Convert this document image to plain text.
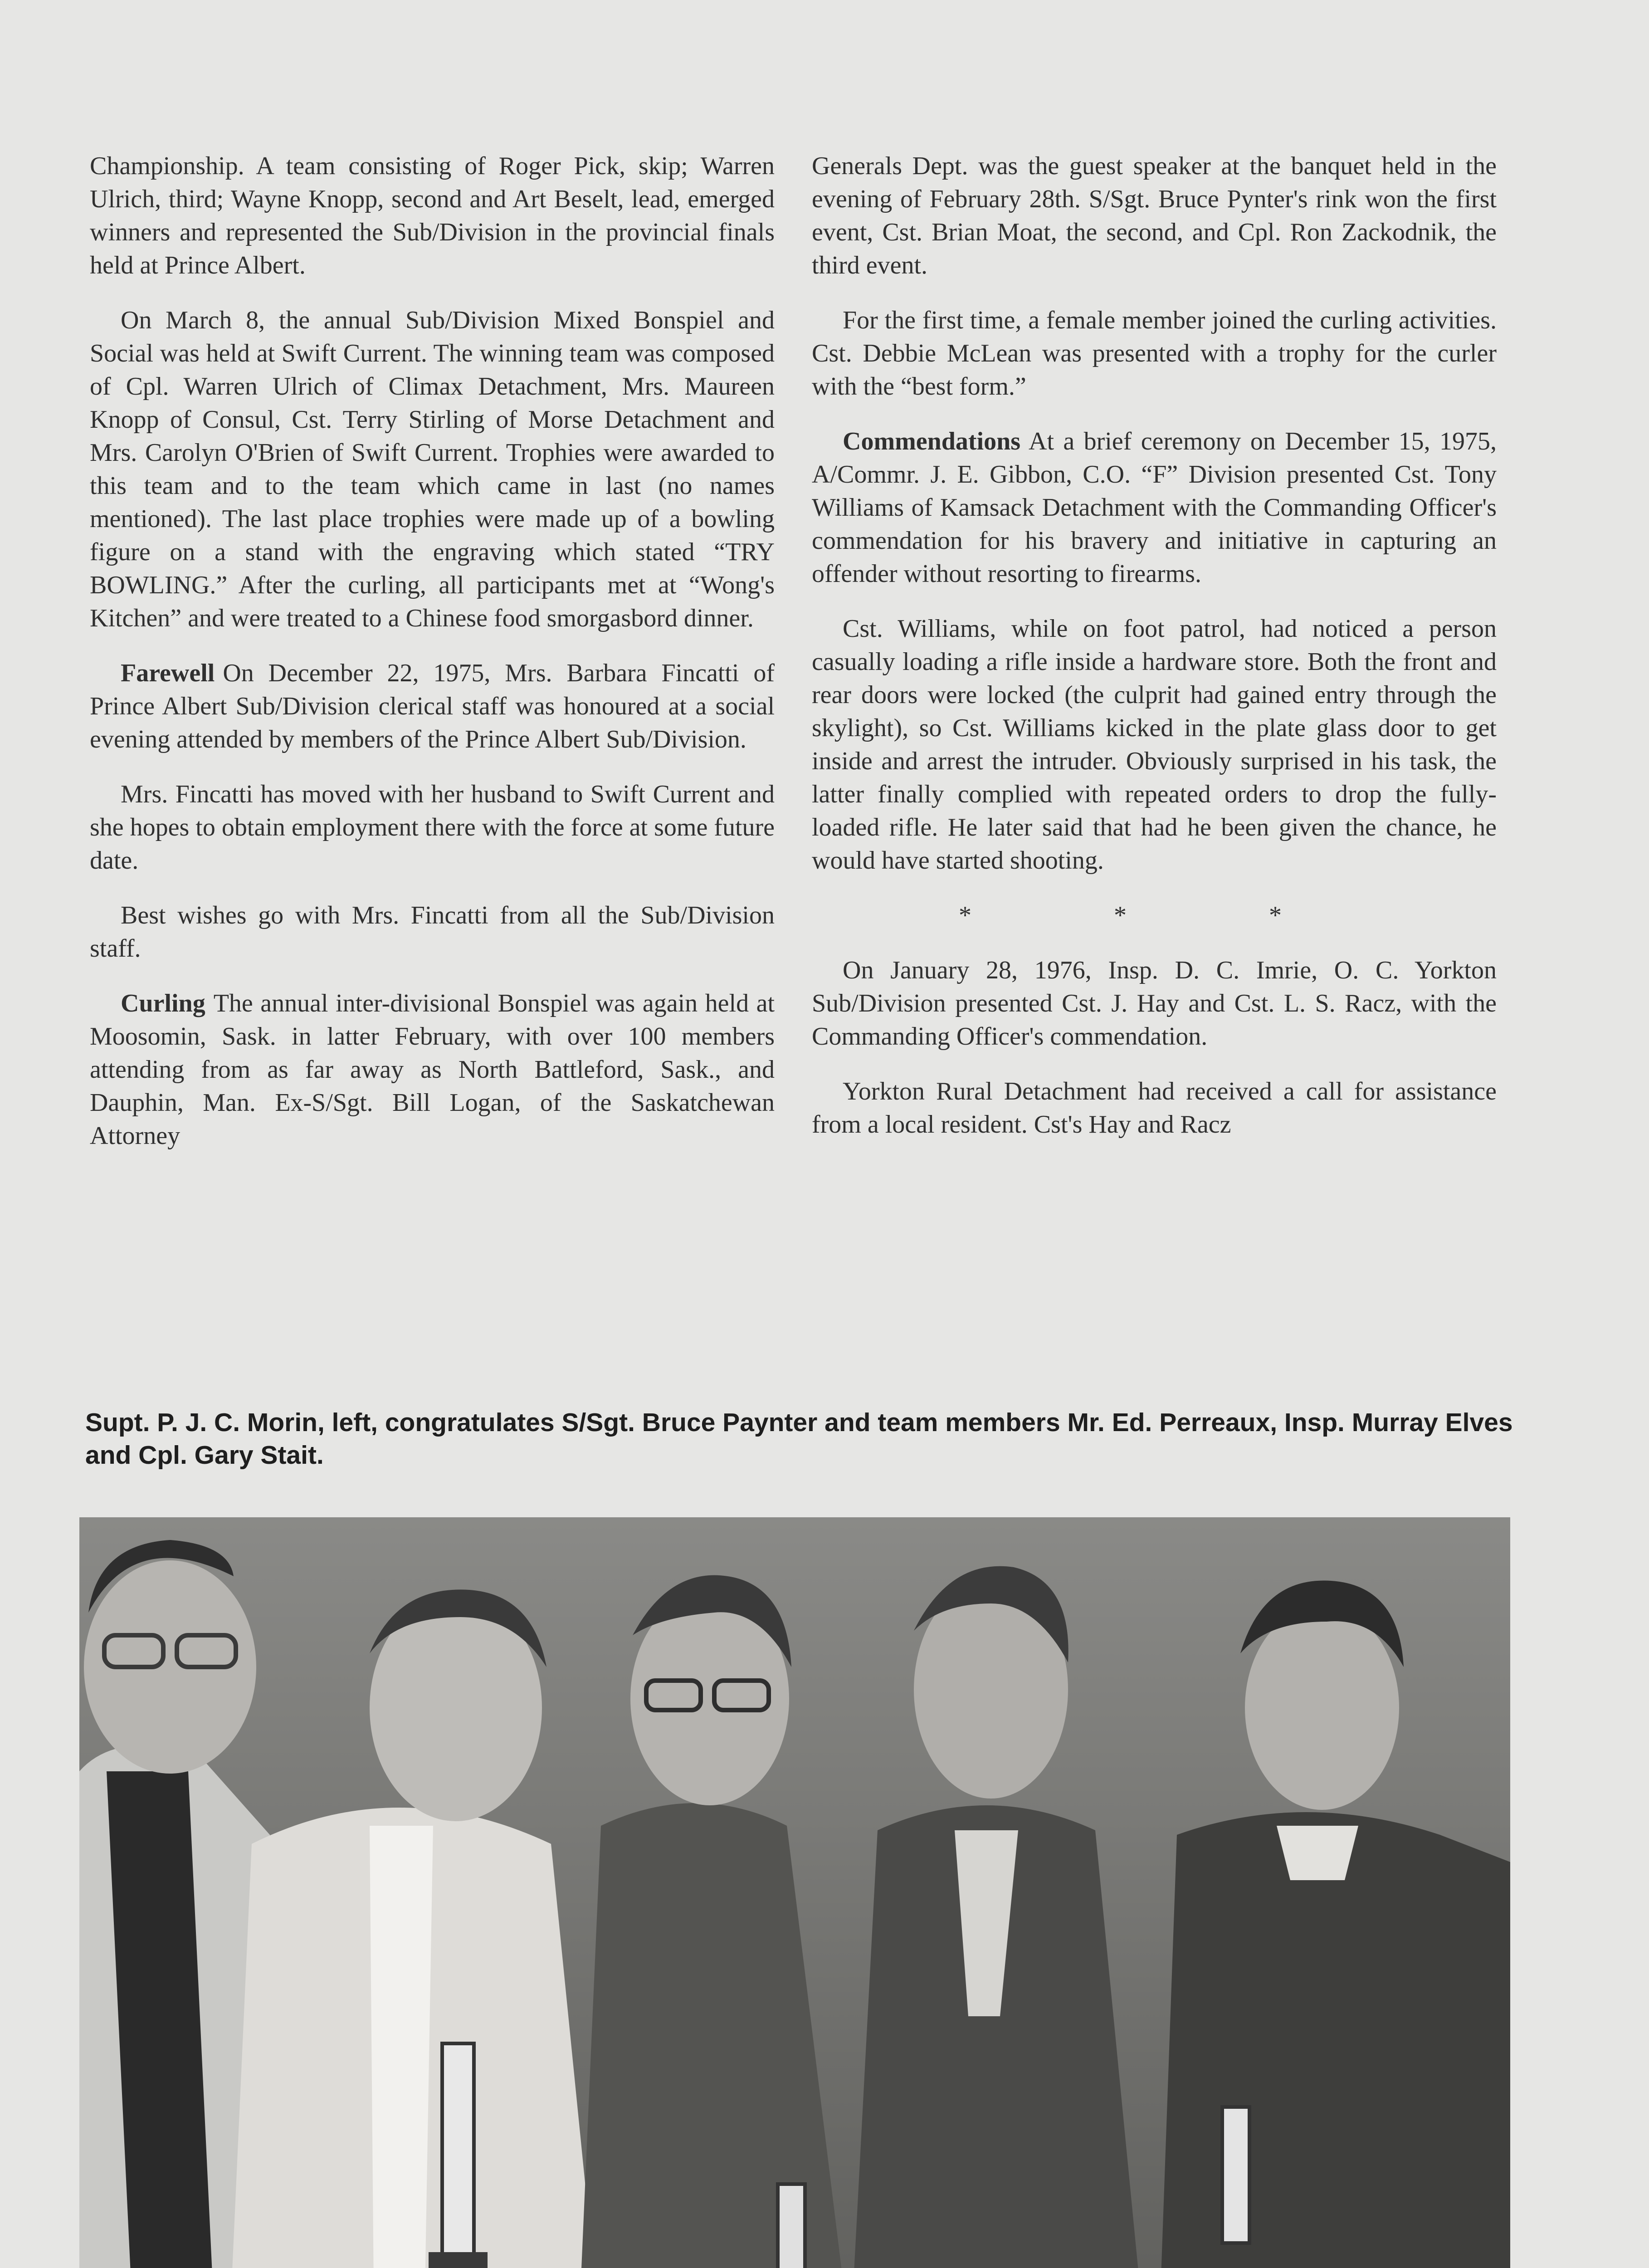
Championship. A team consisting of Roger Pick, skip; Warren Ulrich, third; Wayne Knopp, second and Art Beselt, lead, emerged winners and represented the Sub/Division in the provincial finals held at Prince Albert.

On March 8, the annual Sub/Division Mixed Bonspiel and Social was held at Swift Current. The winning team was composed of Cpl. Warren Ulrich of Climax Detachment, Mrs. Maureen Knopp of Consul, Cst. Terry Stirling of Morse Detachment and Mrs. Carolyn O'Brien of Swift Current. Trophies were awarded to this team and to the team which came in last (no names mentioned). The last place trophies were made up of a bowling figure on a stand with the engraving which stated “TRY BOWLING.” After the curling, all participants met at “Wong's Kitchen” and were treated to a Chinese food smorgasbord dinner.

Farewell On December 22, 1975, Mrs. Barbara Fincatti of Prince Albert Sub/Division clerical staff was honoured at a social evening attended by members of the Prince Albert Sub/Division.

Mrs. Fincatti has moved with her husband to Swift Current and she hopes to obtain employment there with the force at some future date.

Best wishes go with Mrs. Fincatti from all the Sub/Division staff.

Curling The annual inter-divisional Bonspiel was again held at Moosomin, Sask. in latter February, with over 100 members attending from as far away as North Battleford, Sask., and Dauphin, Man. Ex-S/Sgt. Bill Logan, of the Saskatchewan Attorney

Generals Dept. was the guest speaker at the banquet held in the evening of February 28th. S/Sgt. Bruce Pynter's rink won the first event, Cst. Brian Moat, the second, and Cpl. Ron Zackodnik, the third event.

For the first time, a female member joined the curling activities. Cst. Debbie McLean was presented with a trophy for the curler with the “best form.”

Commendations At a brief ceremony on December 15, 1975, A/Commr. J. E. Gibbon, C.O. “F” Division presented Cst. Tony Williams of Kamsack Detachment with the Commanding Officer's commendation for his bravery and initiative in capturing an offender without resorting to firearms.

Cst. Williams, while on foot patrol, had noticed a person casually loading a rifle inside a hardware store. Both the front and rear doors were locked (the culprit had gained entry through the skylight), so Cst. Williams kicked in the plate glass door to get inside and arrest the intruder. Obviously surprised in his task, the latter finally complied with repeated orders to drop the fully-loaded rifle. He later said that had he been given the chance, he would have started shooting.

* * *

On January 28, 1976, Insp. D. C. Imrie, O. C. Yorkton Sub/Division presented Cst. J. Hay and Cst. L. S. Racz, with the Commanding Officer's commendation.

Yorkton Rural Detachment had received a call for assistance from a local resident. Cst's Hay and Racz

Supt. P. J. C. Morin, left, congratulates S/Sgt. Bruce Paynter and team members Mr. Ed. Perreaux, Insp. Murray Elves and Cpl. Gary Stait.
